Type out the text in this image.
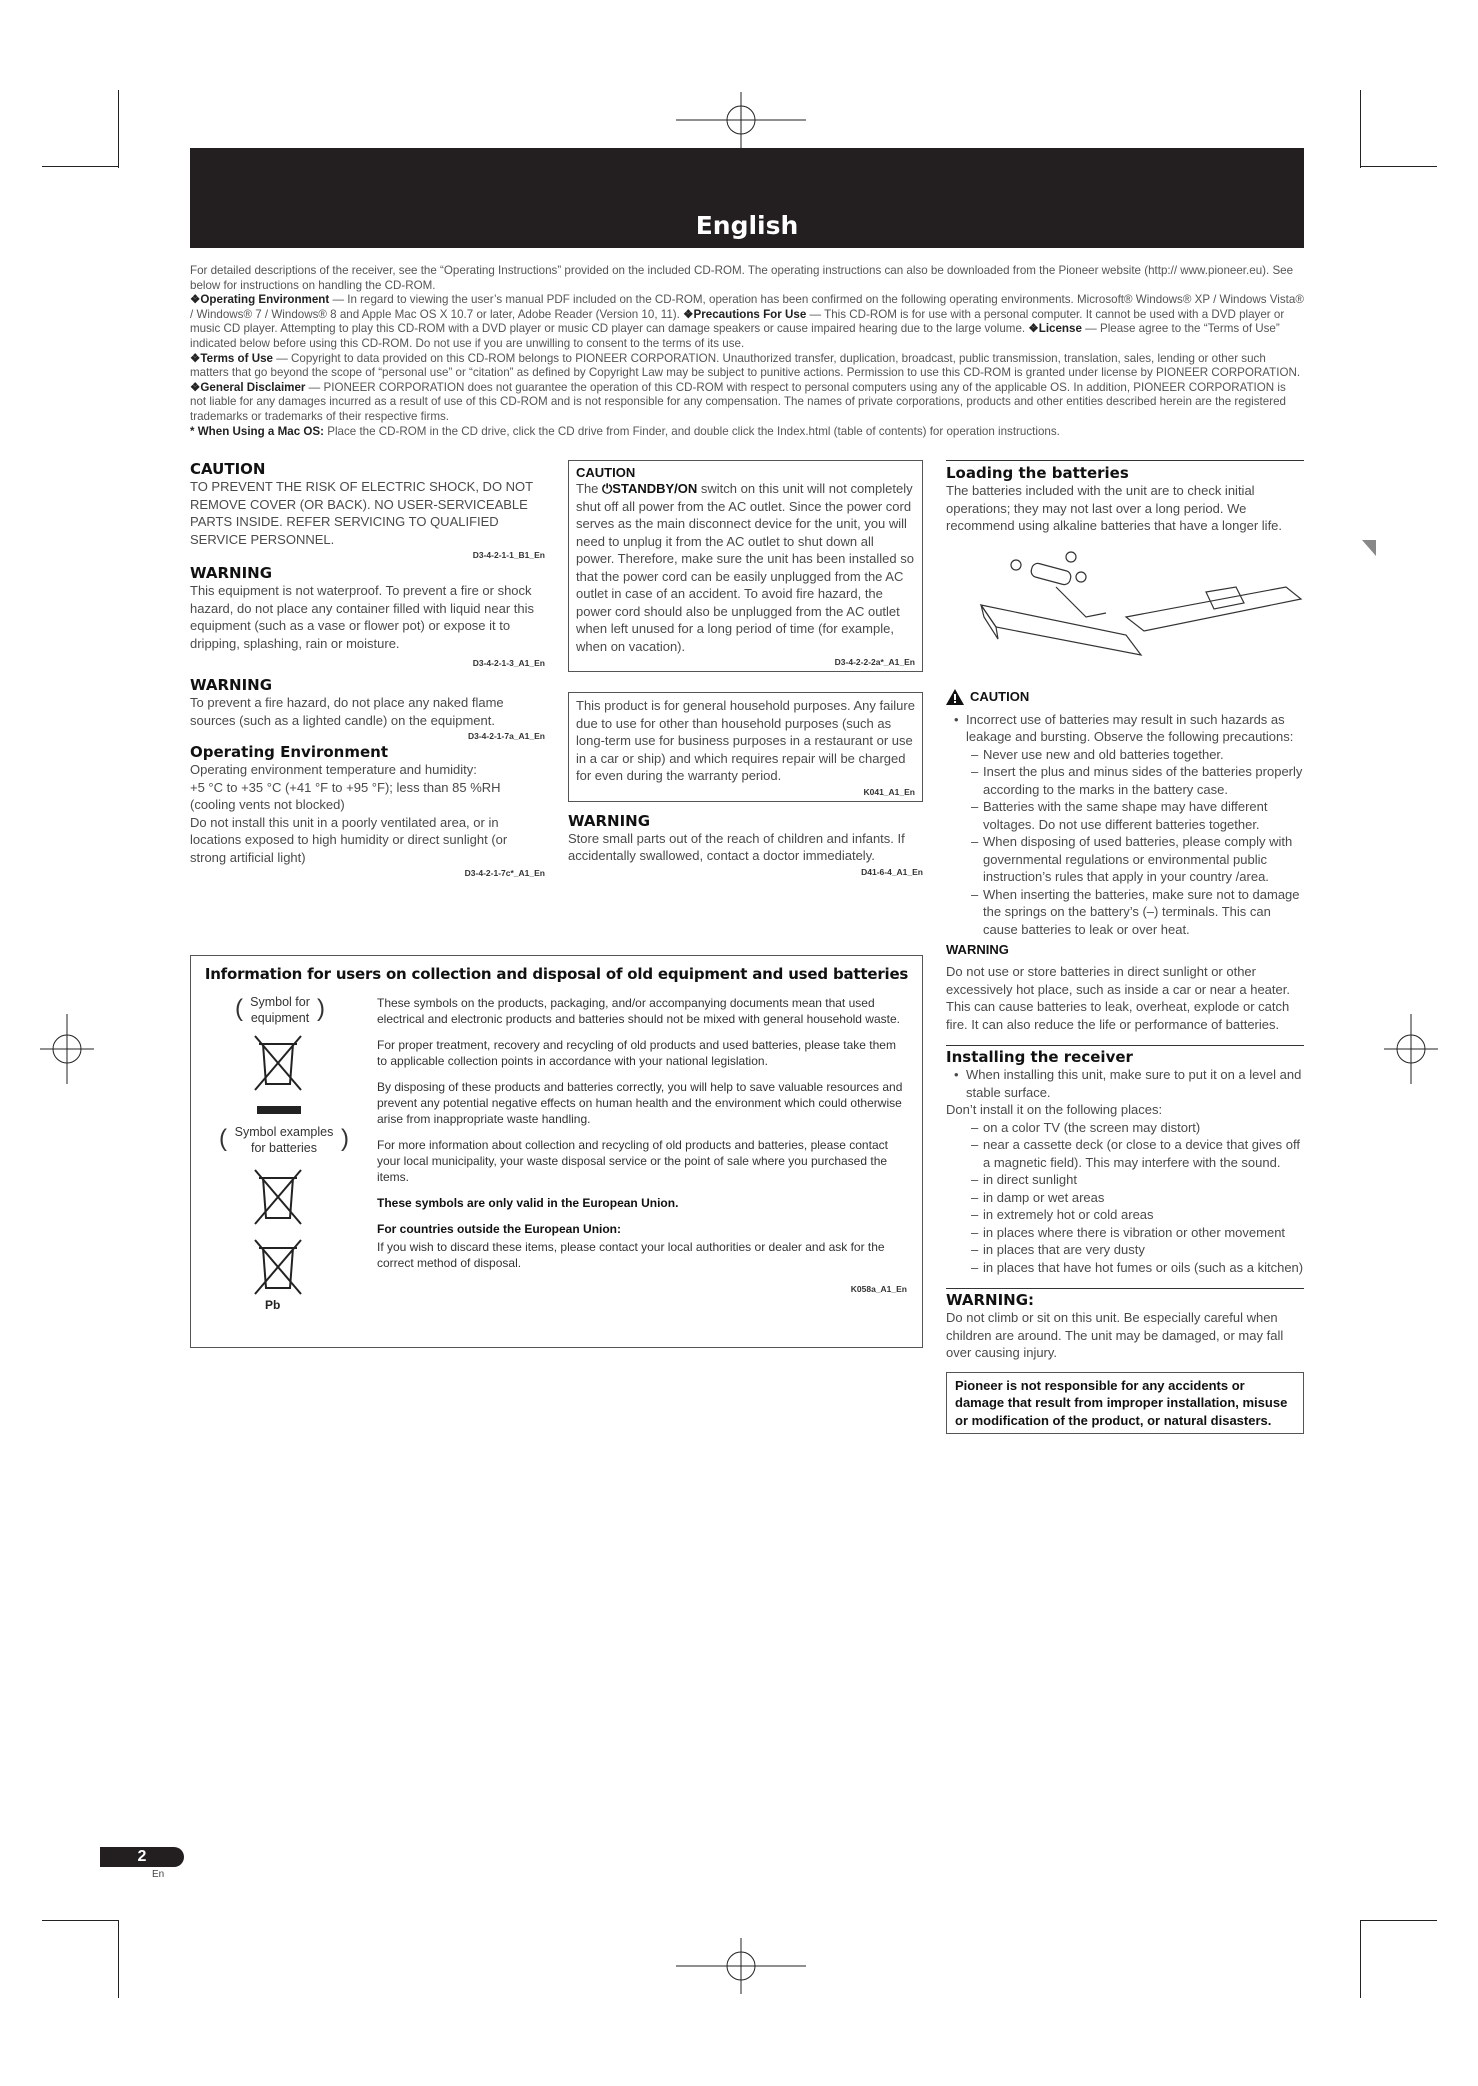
English
For detailed descriptions of the receiver, see the “Operating Instructions” provided on the included CD-ROM. The operating instructions can also be downloaded from the Pioneer website (http:// www.pioneer.eu). See below for instructions on handling the CD-ROM.
❖Operating Environment — In regard to viewing the user’s manual PDF included on the CD-ROM, operation has been confirmed on the following operating environments. Microsoft® Windows® XP / Windows Vista® / Windows® 7 / Windows® 8 and Apple Mac OS X 10.7 or later, Adobe Reader (Version 10, 11). ❖Precautions For Use — This CD-ROM is for use with a personal computer. It cannot be used with a DVD player or music CD player. Attempting to play this CD-ROM with a DVD player or music CD player can damage speakers or cause impaired hearing due to the large volume. ❖License — Please agree to the “Terms of Use” indicated below before using this CD-ROM. Do not use if you are unwilling to consent to the terms of its use.
❖Terms of Use — Copyright to data provided on this CD-ROM belongs to PIONEER CORPORATION. Unauthorized transfer, duplication, broadcast, public transmission, translation, sales, lending or other such matters that go beyond the scope of “personal use” or “citation” as defined by Copyright Law may be subject to punitive actions. Permission to use this CD-ROM is granted under license by PIONEER CORPORATION. ❖General Disclaimer — PIONEER CORPORATION does not guarantee the operation of this CD-ROM with respect to personal computers using any of the applicable OS. In addition, PIONEER CORPORATION is not liable for any damages incurred as a result of use of this CD-ROM and is not responsible for any compensation. The names of private corporations, products and other entities described herein are the registered trademarks or trademarks of their respective firms.
* When Using a Mac OS: Place the CD-ROM in the CD drive, click the CD drive from Finder, and double click the Index.html (table of contents) for operation instructions.
CAUTION

TO PREVENT THE RISK OF ELECTRIC SHOCK, DO NOT REMOVE COVER (OR BACK). NO USER-SERVICEABLE PARTS INSIDE. REFER SERVICING TO QUALIFIED SERVICE PERSONNEL.

D3-4-2-1-1_B1_En
WARNING

This equipment is not waterproof. To prevent a fire or shock hazard, do not place any container filled with liquid near this equipment (such as a vase or flower pot) or expose it to dripping, splashing, rain or moisture.

D3-4-2-1-3_A1_En
WARNING

To prevent a fire hazard, do not place any naked flame sources (such as a lighted candle) on the equipment.

D3-4-2-1-7a_A1_En
Operating Environment

Operating environment temperature and humidity:

+5 °C to +35 °C (+41 °F to +95 °F); less than 85 %RH (cooling vents not blocked)

Do not install this unit in a poorly ventilated area, or in locations exposed to high humidity or direct sunlight (or strong artificial light)

D3-4-2-1-7c*_A1_En
CAUTION

The ⏻STANDBY/ON switch on this unit will not completely shut off all power from the AC outlet. Since the power cord serves as the main disconnect device for the unit, you will need to unplug it from the AC outlet to shut down all power. Therefore, make sure the unit has been installed so that the power cord can be easily unplugged from the AC outlet in case of an accident. To avoid fire hazard, the power cord should also be unplugged from the AC outlet when left unused for a long period of time (for example, when on vacation).

D3-4-2-2-2a*_A1_En

This product is for general household purposes. Any failure due to use for other than household purposes (such as long-term use for business purposes in a restaurant or use in a car or ship) and which requires repair will be charged for even during the warranty period.

K041_A1_En
WARNING

Store small parts out of the reach of children and infants. If accidentally swallowed, contact a doctor immediately.

D41-6-4_A1_En
Loading the batteries

The batteries included with the unit are to check initial operations; they may not last over a long period. We recommend using alkaline batteries that have a longer life.

CAUTION
• Incorrect use of batteries may result in such hazards as leakage and bursting. Observe the following precautions:
– Never use new and old batteries together.
– Insert the plus and minus sides of the batteries properly according to the marks in the battery case.
– Batteries with the same shape may have different voltages. Do not use different batteries together.
– When disposing of used batteries, please comply with governmental regulations or environmental public instruction’s rules that apply in your country /area.
– When inserting the batteries, make sure not to damage the springs on the battery’s (–) terminals. This can cause batteries to leak or over heat.
WARNING

Do not use or store batteries in direct sunlight or other excessively hot place, such as inside a car or near a heater. This can cause batteries to leak, overheat, explode or catch fire. It can also reduce the life or performance of batteries.

Installing the receiver
• When installing this unit, make sure to put it on a level and stable surface.

Don’t install it on the following places:

– on a color TV (the screen may distort)
– near a cassette deck (or close to a device that gives off a magnetic field). This may interfere with the sound.
– in direct sunlight
– in damp or wet areas
– in extremely hot or cold areas
– in places where there is vibration or other movement
– in places that are very dusty
– in places that have hot fumes or oils (such as a kitchen)
WARNING:

Do not climb or sit on this unit. Be especially careful when children are around. The unit may be damaged, or may fall over causing injury.

Pioneer is not responsible for any accidents or damage that result from improper installation, misuse or modification of the product, or natural disasters.
Information for users on collection and disposal of old equipment and used batteries
(	)
Symbol for equipment
(	)
Symbol examples for batteries
Pb

These symbols on the products, packaging, and/or accompanying documents mean that used electrical and electronic products and batteries should not be mixed with general household waste.

For proper treatment, recovery and recycling of old products and used batteries, please take them to applicable collection points in accordance with your national legislation.

By disposing of these products and batteries correctly, you will help to save valuable resources and prevent any potential negative effects on human health and the environment which could otherwise arise from inappropriate waste handling.

For more information about collection and recycling of old products and batteries, please contact your local municipality, your waste disposal service or the point of sale where you purchased the items.

These symbols are only valid in the European Union.

For countries outside the European Union:

If you wish to discard these items, please contact your local authorities or dealer and ask for the correct method of disposal.

K058a_A1_En
2
En
